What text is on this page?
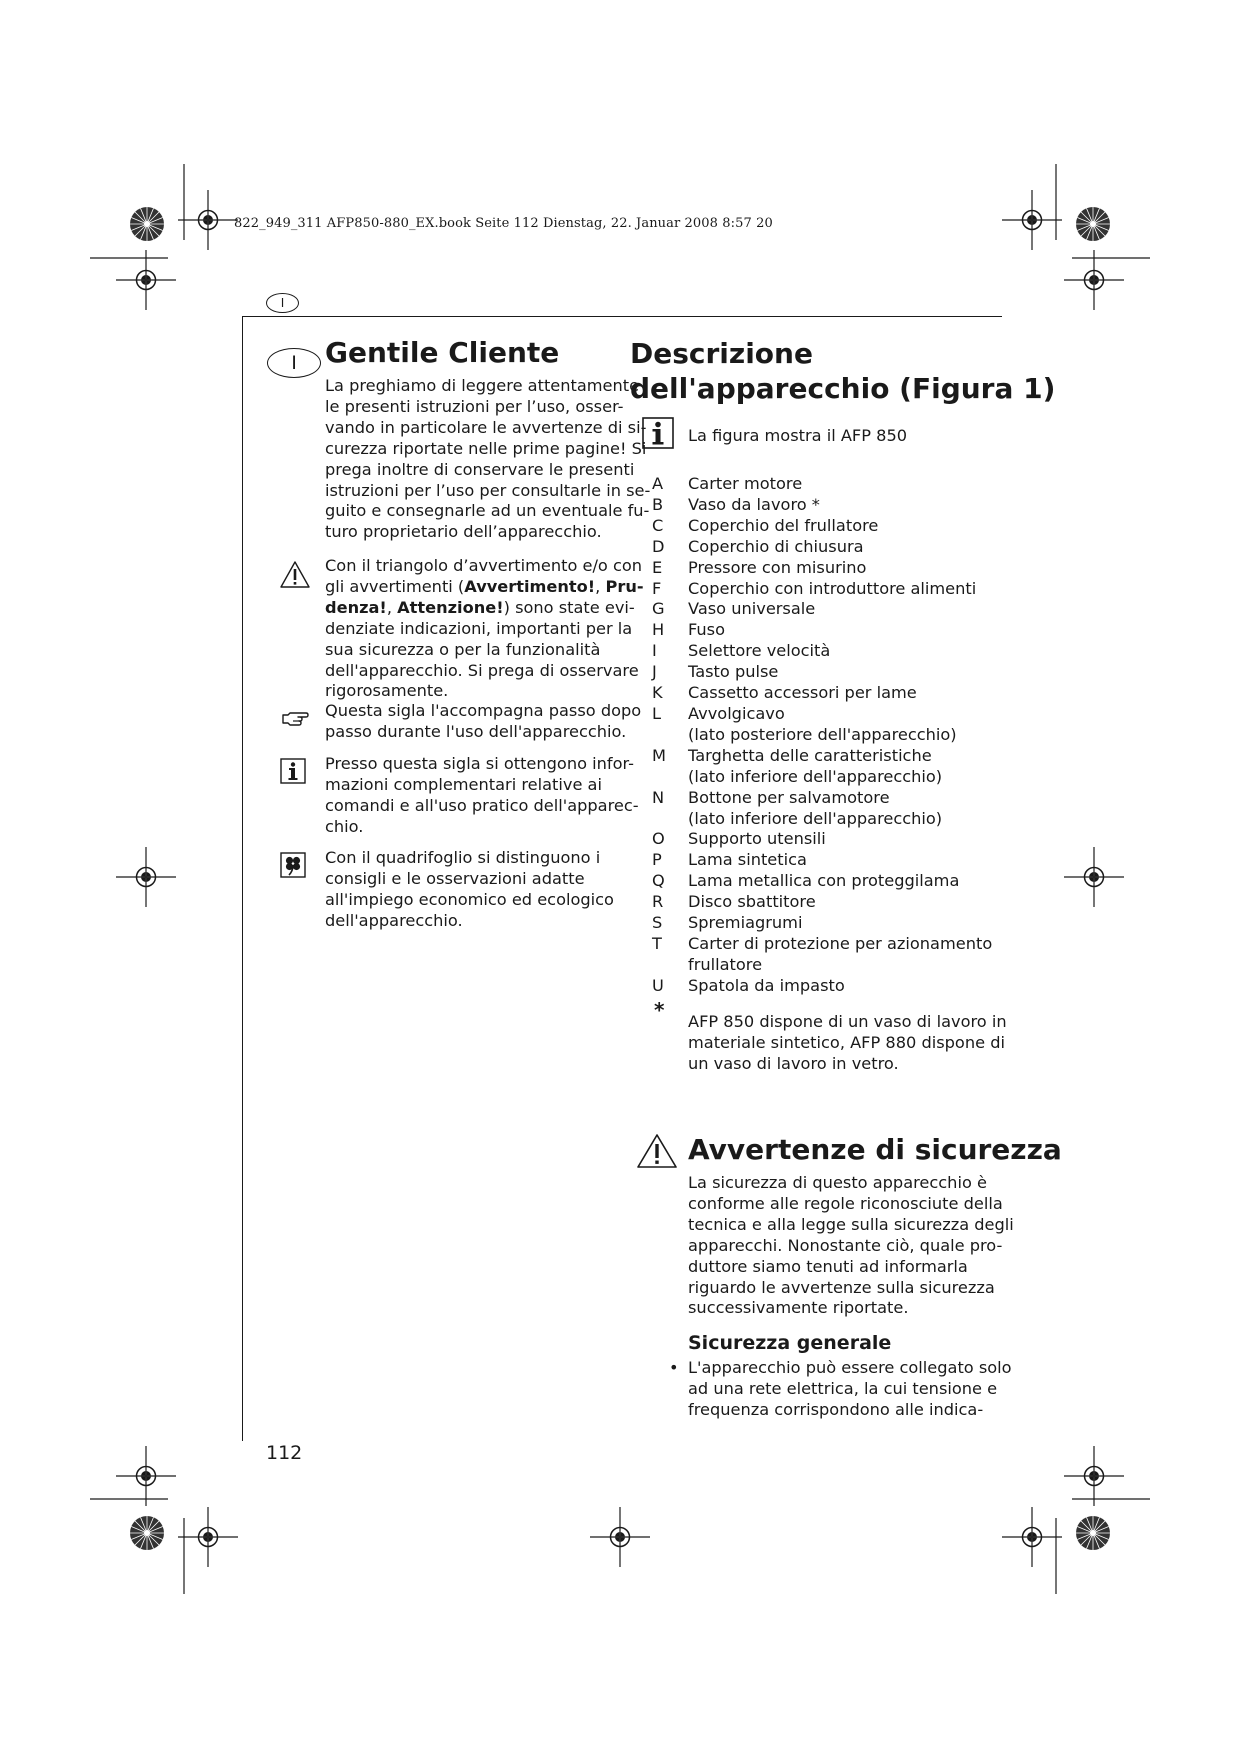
822_949_311 AFP850-880_EX.book Seite 112 Dienstag, 22. Januar 2008 8:57 20
I
I	Gentile Cliente
La preghiamo di leggere attentamente
le presenti istruzioni per l’uso, osser-
vando in particolare le avvertenze di si-
curezza riportate nelle prime pagine! Si
prega inoltre di conservare le presenti
istruzioni per l’uso per consultarle in se-
guito e consegnarle ad un eventuale fu-
turo proprietario dell’apparecchio.
Con il triangolo d’avvertimento e/o con
gli avvertimenti (Avvertimento!, Pru-
denza!, Attenzione!) sono state evi-
denziate indicazioni, importanti per la
sua sicurezza o per la funzionalità
dell'apparecchio. Si prega di osservare
rigorosamente.
Questa sigla l'accompagna passo dopo
passo durante l'uso dell'apparecchio.
Presso questa sigla si ottengono infor-
mazioni complementari relative ai
comandi e all'uso pratico dell'apparec-
chio.
Con il quadrifoglio si distinguono i
consigli e le osservazioni adatte
all'impiego economico ed ecologico
dell'apparecchio.
Descrizione
dell'apparecchio (Figura 1)
La figura mostra il AFP 850
A	Carter motore
B	Vaso da lavoro *
C	Coperchio del frullatore
D	Coperchio di chiusura
E	Pressore con misurino
F	Coperchio con introduttore alimenti
G	Vaso universale
H	Fuso
I	Selettore velocità
J	Tasto pulse
K	Cassetto accessori per lame
L	Avvolgicavo
(lato posteriore dell'apparecchio)
M	Targhetta delle caratteristiche
(lato inferiore dell'apparecchio)
N	Bottone per salvamotore
(lato inferiore dell'apparecchio)
O	Supporto utensili
P	Lama sintetica
Q	Lama metallica con proteggilama
R	Disco sbattitore
S	Spremiagrumi
T	Carter di protezione per azionamento
frullatore
U	Spatola da impasto
* AFP 850 dispone di un vaso di lavoro in
materiale sintetico, AFP 880 dispone di
un vaso di lavoro in vetro.
Avvertenze di sicurezza
La sicurezza di questo apparecchio è
conforme alle regole riconosciute della
tecnica e alla legge sulla sicurezza degli
apparecchi. Nonostante ciò, quale pro-
duttore siamo tenuti ad informarla
riguardo le avvertenze sulla sicurezza
successivamente riportate.
Sicurezza generale
• L'apparecchio può essere collegato solo
ad una rete elettrica, la cui tensione e
frequenza corrispondono alle indica-
112
